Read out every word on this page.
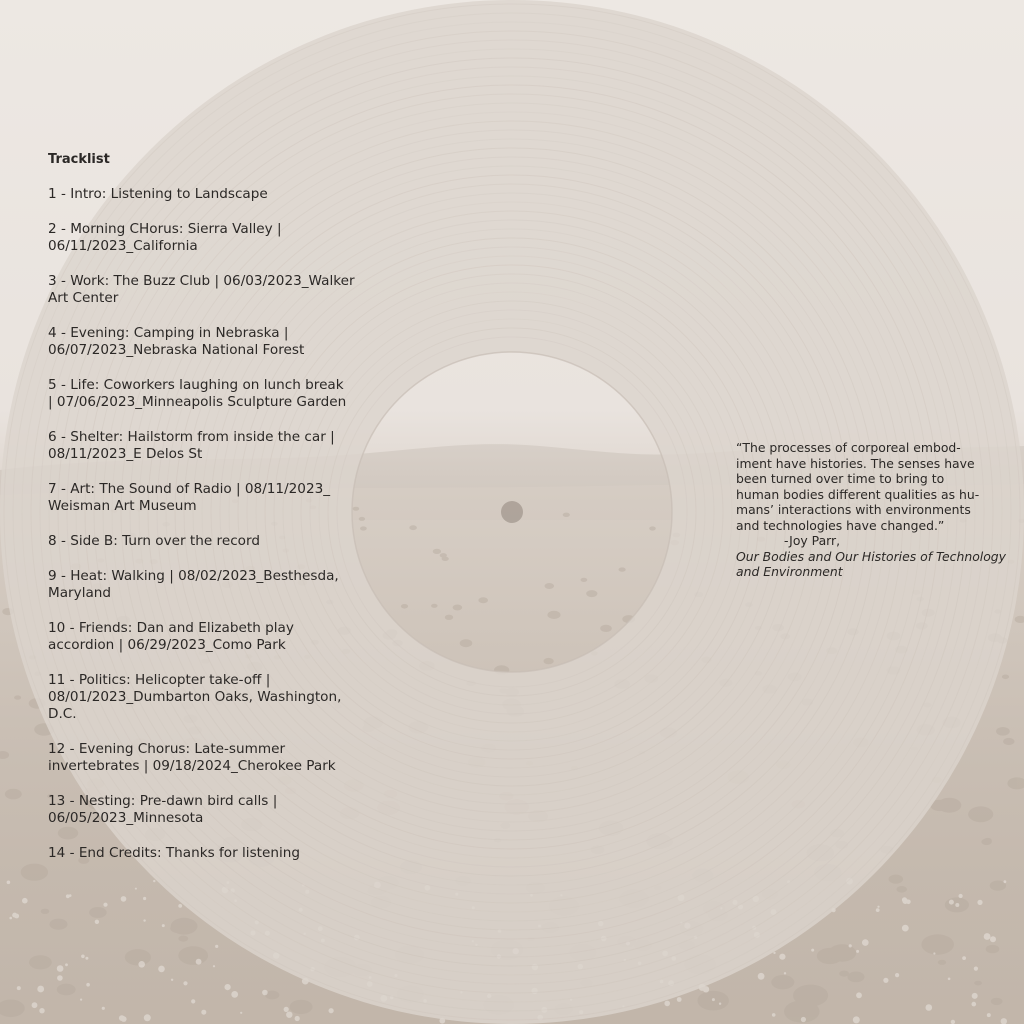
Tracklist
1 - Intro: Listening to Landscape
2 - Morning CHorus: Sierra Valley |
06/11/2023_California
3 - Work: The Buzz Club | 06/03/2023_Walker
Art Center
4 - Evening: Camping in Nebraska |
06/07/2023_Nebraska National Forest
5 - Life: Coworkers laughing on lunch break
| 07/06/2023_Minneapolis Sculpture Garden
6 - Shelter: Hailstorm from inside the car |
08/11/2023_E Delos St
7 - Art: The Sound of Radio | 08/11/2023_
Weisman Art Museum
8 - Side B: Turn over the record
9 - Heat: Walking | 08/02/2023_Besthesda,
Maryland
10 - Friends: Dan and Elizabeth play
accordion | 06/29/2023_Como Park
11 - Politics: Helicopter take-off |
08/01/2023_Dumbarton Oaks, Washington,
D.C.
12 - Evening Chorus: Late-summer
invertebrates | 09/18/2024_Cherokee Park
13 - Nesting: Pre-dawn bird calls |
06/05/2023_Minnesota
14 - End Credits: Thanks for listening
“The processes of corporeal embod-
iment have histories. The senses have
been turned over time to bring to
human bodies different qualities as hu-
mans’ interactions with environments
and technologies have changed.”
-Joy Parr,
Our Bodies and Our Histories of Technology
and Environment
